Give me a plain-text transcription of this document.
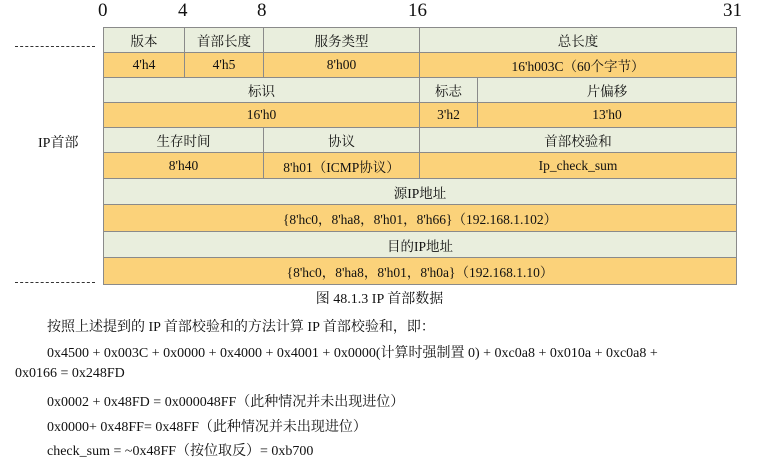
0	4	8	16	31
IP首部
版本	首部长度	服务类型	总长度
4'h4	4'h5	8'h00	16'h003C（60个字节）
标识	标志	片偏移
16'h0	3'h2	13'h0
生存时间	协议	首部校验和
8'h40	8'h01（ICMP协议）	Ip_check_sum
源IP地址
{8'hc0，8'ha8，8'h01，8'h66}（192.168.1.102）
目的IP地址
{8'hc0，8'ha8，8'h01，8'h0a}（192.168.1.10）
图 48.1.3 IP 首部数据
按照上述提到的 IP 首部校验和的方法计算 IP 首部校验和，即：
0x4500 + 0x003C + 0x0000 + 0x4000 + 0x4001 + 0x0000(计算时强制置 0) + 0xc0a8 + 0x010a + 0xc0a8 +
0x0166 = 0x248FD
0x0002 + 0x48FD = 0x000048FF（此种情况并未出现进位）
0x0000+ 0x48FF= 0x48FF（此种情况并未出现进位）
check_sum = ~0x48FF（按位取反）= 0xb700
